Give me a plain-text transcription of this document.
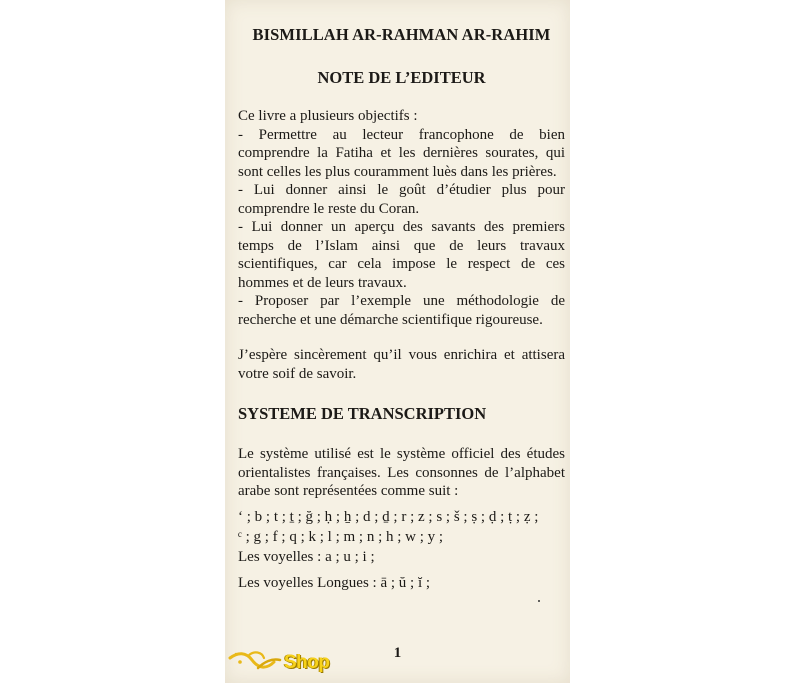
BISMILLAH AR-RAHMAN AR-RAHIM
NOTE DE L’EDITEUR

Ce livre a plusieurs objectifs :

- Permettre au lecteur francophone de bien comprendre la Fatiha et les dernières sourates, qui sont celles les plus couramment luès dans les prières.

- Lui donner ainsi le goût d’étudier plus pour comprendre le reste du Coran.

- Lui donner un aperçu des savants des premiers temps de l’Islam ainsi que de leurs travaux scientifiques, car cela impose le respect de ces hommes et de leurs travaux.

- Proposer par l’exemple une méthodologie de recherche et une démarche scientifique rigoureuse.

J’espère sincèrement qu’il vous enrichira et attisera votre soif de savoir.

SYSTEME DE TRANSCRIPTION

Le système utilisé est le système officiel des études orientalistes françaises. Les consonnes de l’alphabet arabe sont représentées comme suit :

‘ ; b ; t ; ṯ ; ğ ; ḥ ; ẖ ; d ; ḏ ; r ; z ; s ; š ; ṣ ; ḍ ; ṭ ; ẓ ;

ᶜ ; g ; f ; q ; k ; l ; m ; n ; h ; w ; y ;

Les voyelles : a ; u ; i ;

Les voyelles Longues : ā ; ŭ ; ĭ ;

1
Shop
